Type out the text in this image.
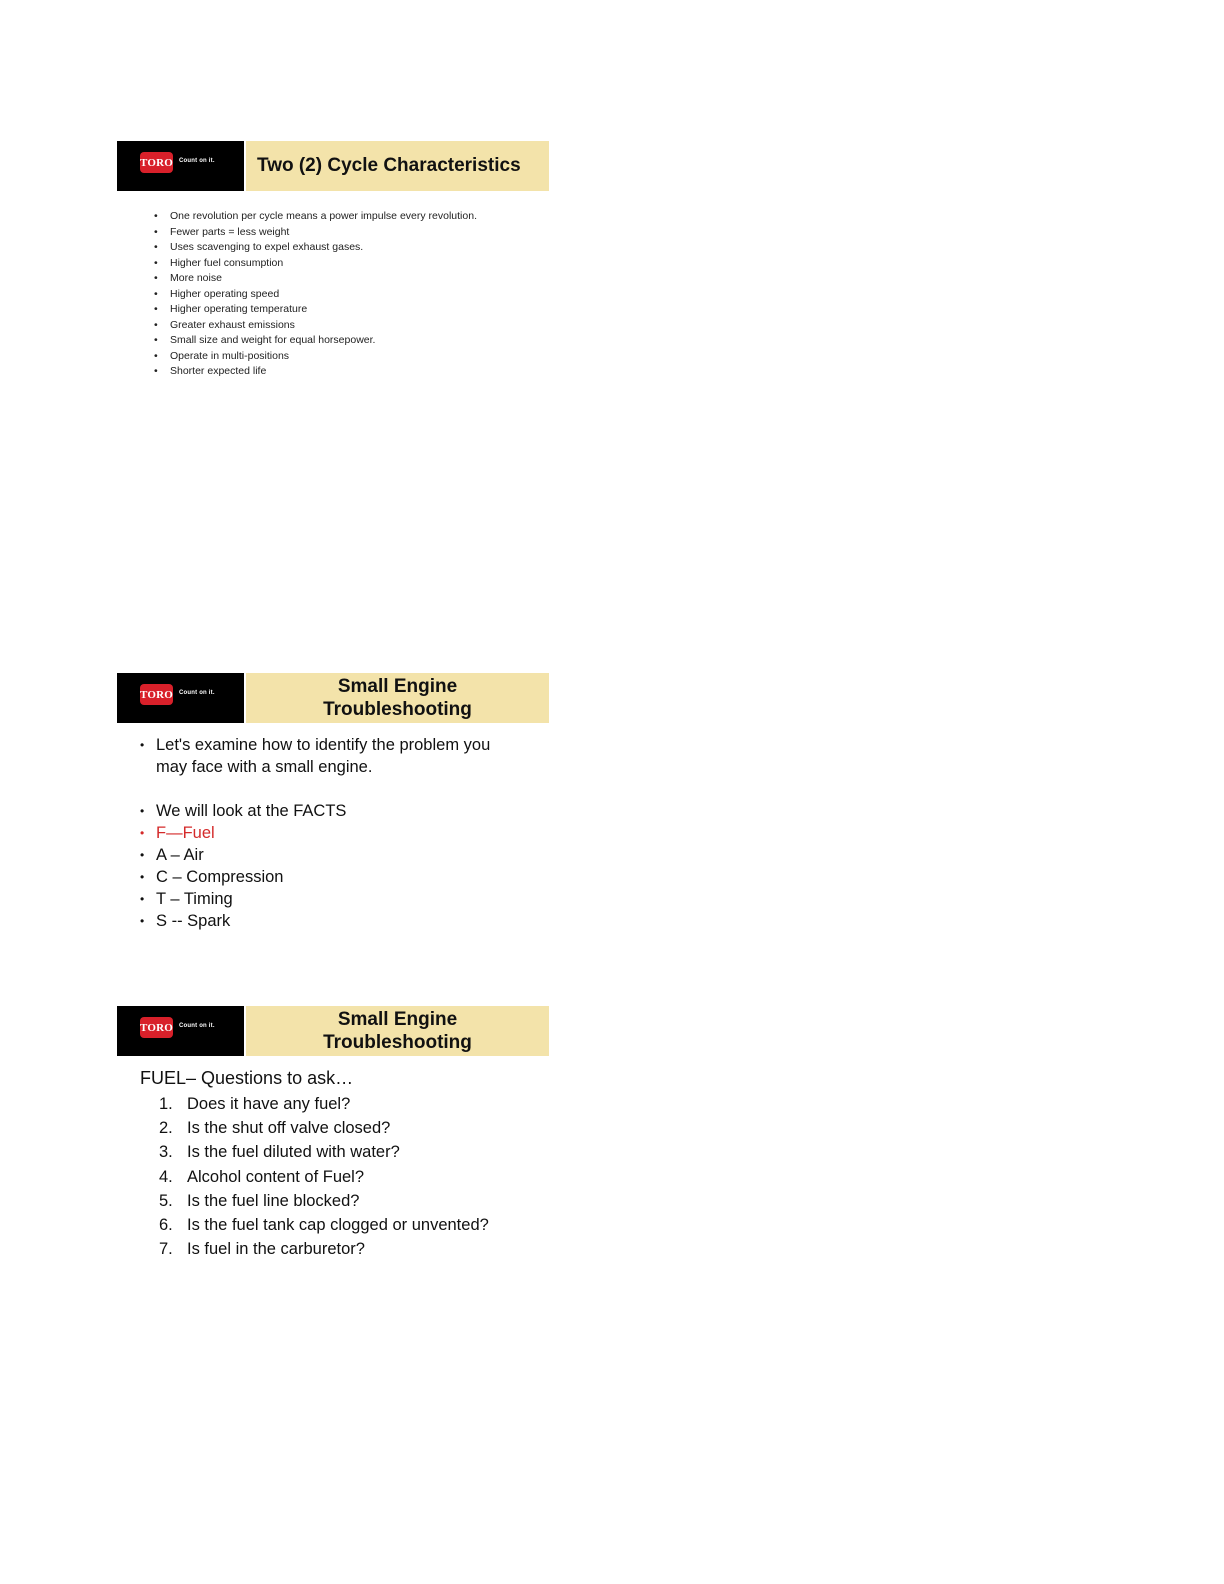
TORO Count on it.	Two (2) Cycle Characteristics
• One revolution per cycle means a power impulse every revolution.
• Fewer parts = less weight
• Uses scavenging to expel exhaust gases.
• Higher fuel consumption
• More noise
• Higher operating speed
• Higher operating temperature
• Greater exhaust emissions
• Small size and weight for equal horsepower.
• Operate in multi-positions
• Shorter expected life
TORO Count on it.	Small Engine
Troubleshooting
• Let's examine how to identify the problem you may face with a small engine.
• We will look at the FACTS
• F—Fuel
• A – Air
• C – Compression
• T – Timing
• S -- Spark
TORO Count on it.	Small Engine
Troubleshooting
FUEL– Questions to ask…
1. Does it have any fuel?
2. Is the shut off valve closed?
3. Is the fuel diluted with water?
4. Alcohol content of Fuel?
5. Is the fuel line blocked?
6. Is the fuel tank cap clogged or unvented?
7. Is fuel in the carburetor?
